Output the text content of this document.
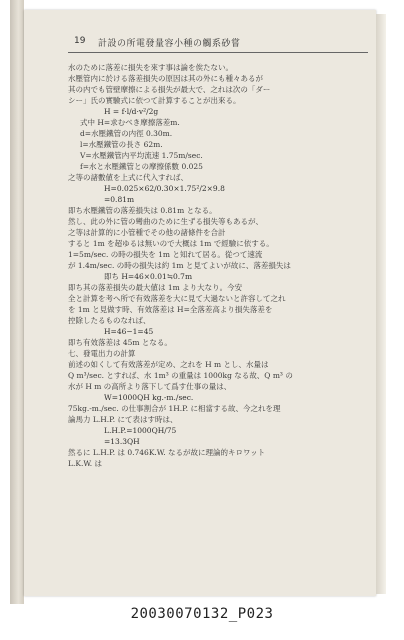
19 計設の所電發量容小種の觸系砂嘗
水のために落差に損失を來す事は論を俟たない。
水壓管内に於ける落差損失の原因は其の外にも種々あるが
其の内でも管壁摩擦による損失が最大で、之れは次の「ダー
シー」氏の實驗式に依つて計算することが出來る。
H = f·l/d·v²/2g
式中 H=求むべき摩擦落差m.
d=水壓鐵管の内徑 0.30m.
l=水壓鐵管の長さ 62m.
V=水壓鐵管内平均流速 1.75m/sec.
f=水と水壓鐵管との摩擦係數 0.025
之等の諸數値を上式に代入すれば、
H=0.025×62/0.30×1.75²/2×9.8
=0.81m
即ち水壓鐵管の落差損失は 0.81m となる。
然し、此の外に管の彎曲のために生ずる損失等もあるが、
之等は計算的に小管種でその他の諸條件を合計
すると 1m を超ゆるは無いので大概は 1m で經驗に依する。
1=5m/sec. の時の損失を 1m と知れて居る。從つて速流
が 1.4m/sec. の時の損失は約 1m と見てよいが故に、落差損失は
即ち H=46×0.01≒0.7m
即ち其の落差損失の最大値は 1m より大なり。今安
全と計算を考へ所で有效落差を大に見て大過ないと許容して之れ
を 1m と見做す時、有效落差は H=全落差高より損失落差を
控除したるものなれば、
H=46−1=45
即ち有效落差は 45m となる。
七、發電出力の計算
前述の如くして有效落差が定め、之れを H m とし、水量は
Q m³/sec. とすれば、水 1m³ の重量は 1000kg なる故、Q m³ の
水が H m の高所より落下して爲す仕事の量は、
W=1000QH kg.-m./sec.
75kg.-m./sec. の仕事割合が 1H.P. に相當する故、今之れを理
論馬力 L.H.P. にて表はす時は、
L.H.P.=1000QH/75
=13.3QH
然るに L.H.P. は 0.746K.W. なるが故に理論的キロワット
L.K.W. は
20030070132_P023
